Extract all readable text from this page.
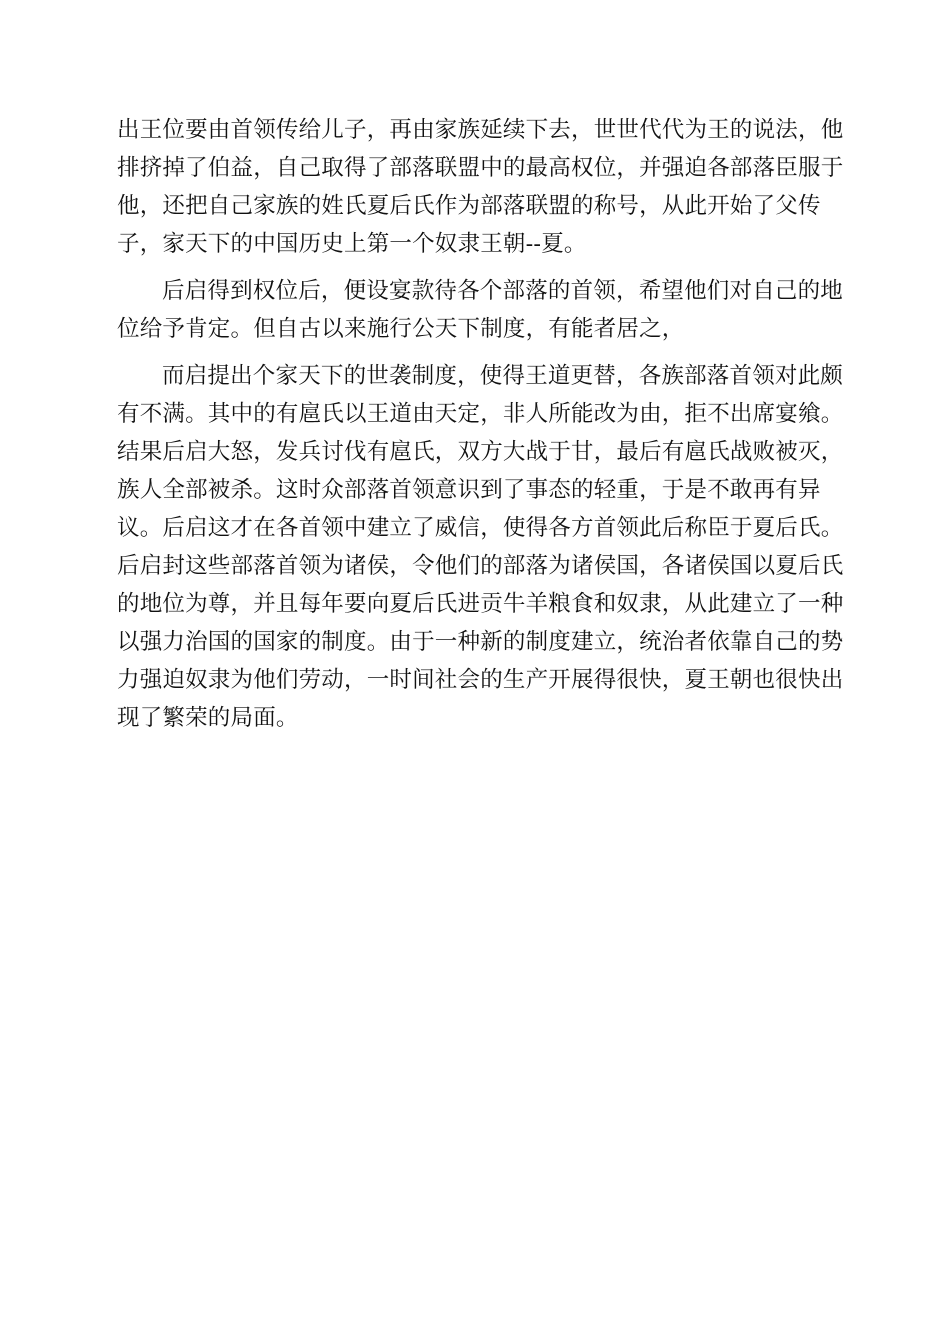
出王位要由首领传给儿子，再由家族延续下去，世世代代为王的说法，他
排挤掉了伯益，自己取得了部落联盟中的最高权位，并强迫各部落臣服于
他，还把自己家族的姓氏夏后氏作为部落联盟的称号，从此开始了父传
子，家天下的中国历史上第一个奴隶王朝--夏。

后启得到权位后，便设宴款待各个部落的首领，希望他们对自己的地
位给予肯定。但自古以来施行公天下制度，有能者居之，

而启提出个家天下的世袭制度，使得王道更替，各族部落首领对此颇
有不满。其中的有扈氏以王道由天定，非人所能改为由，拒不出席宴飨。
结果后启大怒，发兵讨伐有扈氏，双方大战于甘，最后有扈氏战败被灭，
族人全部被杀。这时众部落首领意识到了事态的轻重，于是不敢再有异
议。后启这才在各首领中建立了威信，使得各方首领此后称臣于夏后氏。
后启封这些部落首领为诸侯，令他们的部落为诸侯国，各诸侯国以夏后氏
的地位为尊，并且每年要向夏后氏进贡牛羊粮食和奴隶，从此建立了一种
以强力治国的国家的制度。由于一种新的制度建立，统治者依靠自己的势
力强迫奴隶为他们劳动，一时间社会的生产开展得很快，夏王朝也很快出
现了繁荣的局面。
